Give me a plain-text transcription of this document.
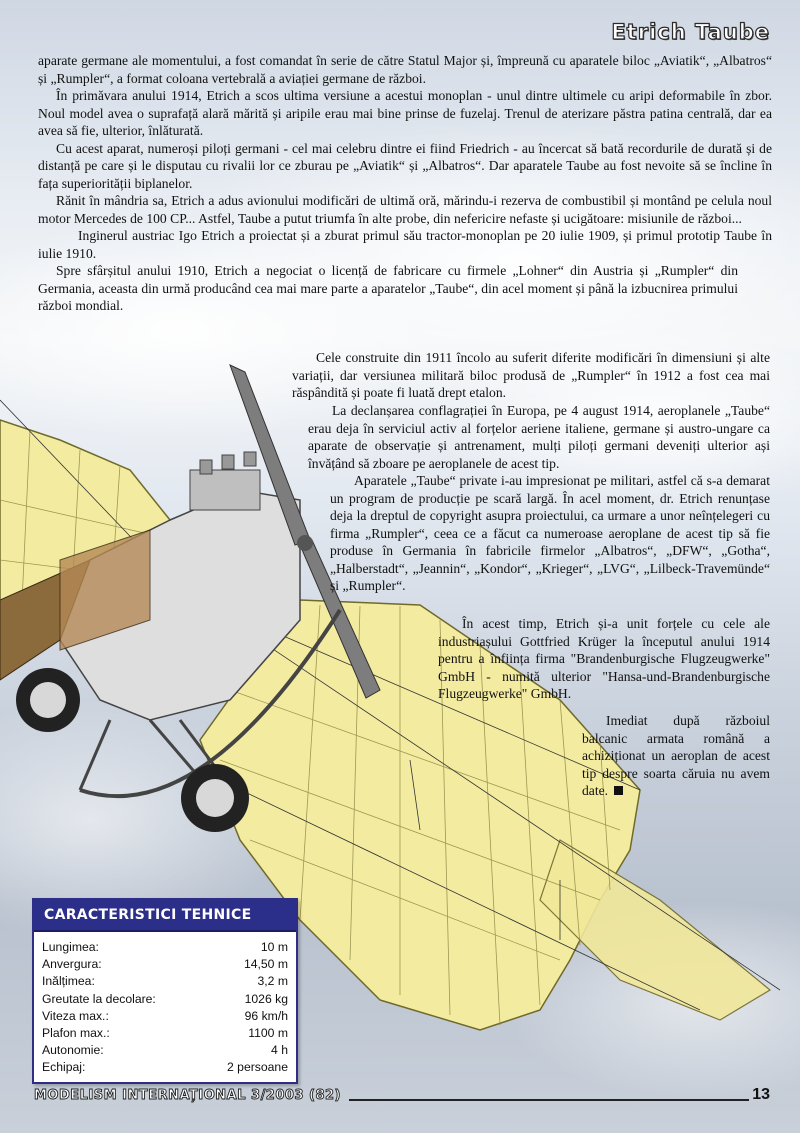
Etrich Taube

aparate germane ale momentului, a fost comandat în serie de către Statul Major și, împreună cu aparatele biloc „Aviatik“, „Albatros“ și „Rumpler“, a format coloana vertebrală a aviației germane de război.

În primăvara anului 1914, Etrich a scos ultima versiune a acestui monoplan - unul dintre ultimele cu aripi deformabile în zbor. Noul model avea o suprafață alară mărită și aripile erau mai bine prinse de fuzelaj. Trenul de aterizare păstra patina centrală, dar ea avea să fie, ulterior, înlăturată.

Cu acest aparat, numeroși piloți germani - cel mai celebru dintre ei fiind Friedrich - au încercat să bată recordurile de durată și de distanță pe care și le disputau cu rivalii lor ce zburau pe „Aviatik“ și „Albatros“. Dar aparatele Taube au fost nevoite să se încline în fața superiorității biplanelor.

Rănit în mândria sa, Etrich a adus avionului modificări de ultimă oră, mărindu-i rezerva de combustibil și montând pe celula noul motor Mercedes de 100 CP... Astfel, Taube a putut triumfa în alte probe, din nefericire nefaste și ucigătoare: misiunile de război...

Inginerul austriac Igo Etrich a proiectat și a zburat primul său tractor-monoplan pe 20 iulie 1909, și primul prototip Taube în iulie 1910.

Spre sfârșitul anului 1910, Etrich a negociat o licență de fabricare cu firmele „Lohner“ din Austria și „Rumpler“ din Germania, aceasta din urmă producând cea mai mare parte a aparatelor „Taube“, din acel moment și până la izbucnirea primului război mondial.

Cele construite din 1911 încolo au suferit diferite modificări în dimensiuni și alte variații, dar versiunea militară biloc produsă de „Rumpler“ în 1912 a fost cea mai răspândită și poate fi luată drept etalon.

La declanșarea conflagrației în Europa, pe 4 august 1914, aeroplanele „Taube“ erau deja în serviciul activ al forțelor aeriene italiene, germane și austro-ungare ca aparate de observație și antrenament, mulți piloți germani deveniți ulterior ași învățând să zboare pe aeroplanele de acest tip.

Aparatele „Taube“ private i-au impresionat pe militari, astfel că s-a demarat un program de producție pe scară largă. În acel moment, dr. Etrich renunțase deja la dreptul de copyright asupra proiectului, ca urmare a unor neînțelegeri cu firma „Rumpler“, ceea ce a făcut ca numeroase aeroplane de acest tip să fie produse în Germania în fabricile firmelor „Albatros“, „DFW“, „Gotha“, „Halberstadt“, „Jeannin“, „Kondor“, „Krieger“, „LVG“, „Lilbeck-Travemünde“ și „Rumpler“.

În acest timp, Etrich și-a unit forțele cu cele ale industriașului Gottfried Krüger la începutul anului 1914 pentru a înființa firma "Brandenburgische Flugzeugwerke" GmbH - numită ulterior "Hansa-und-Brandenburgische Flugzeugwerke" GmbH.

Imediat după războiul balcanic armata română a achiziționat un aeroplan de acest tip despre soarta căruia nu avem date.

CARACTERISTICI TEHNICE
Lungimea:	10 m
Anvergura:	14,50 m
Inălțimea:	3,2 m
Greutate la decolare:	1026 kg
Viteza max.:	96 km/h
Plafon max.:	1100 m
Autonomie:	4 h
Echipaj:	2 persoane
MODELISM INTERNAȚIONAL 3/2003 (82)	13
